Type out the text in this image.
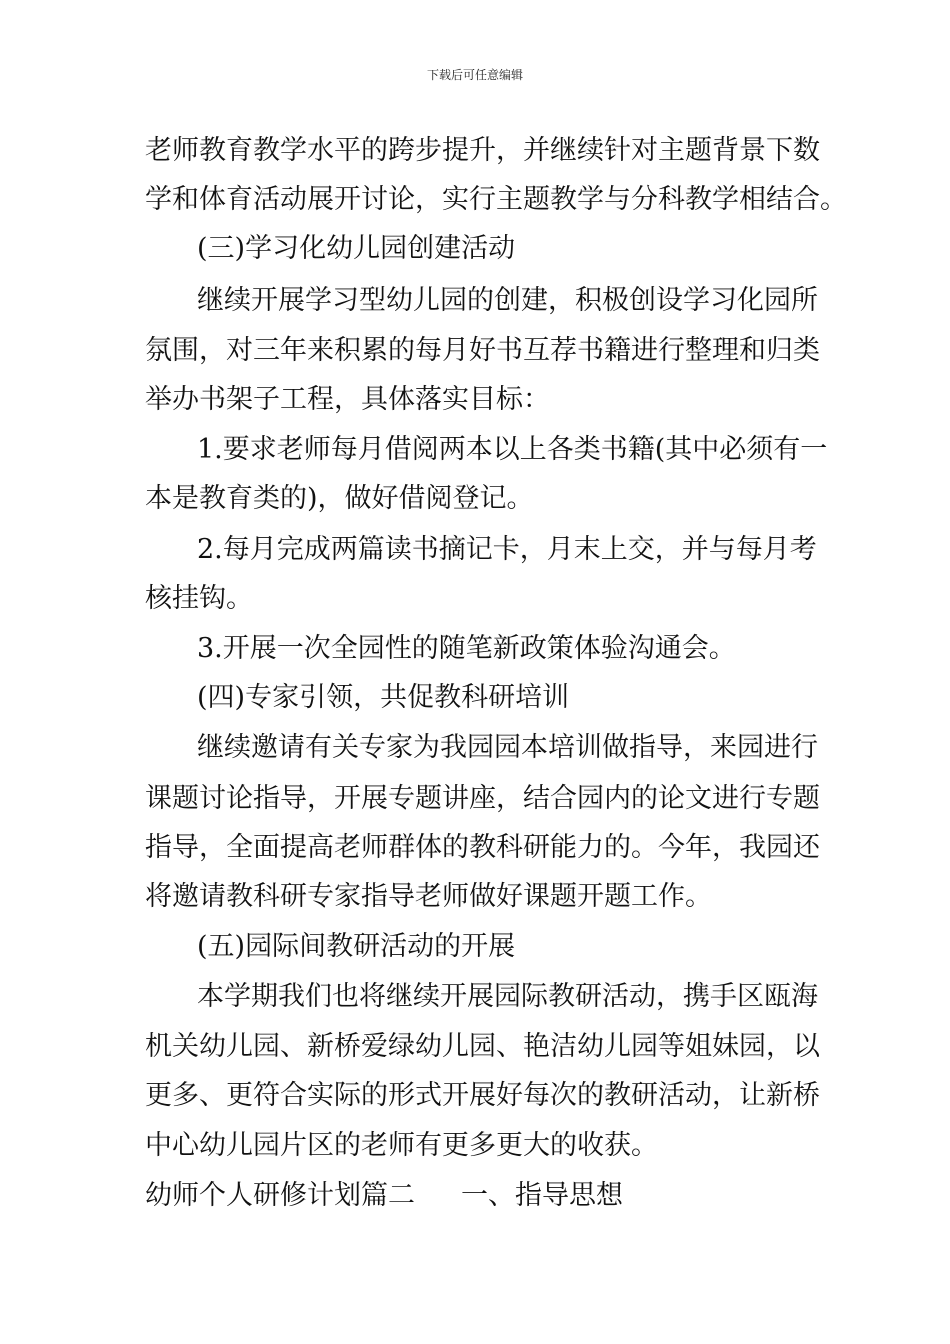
下载后可任意编辑
老师教育教学水平的跨步提升，并继续针对主题背景下数
学和体育活动展开讨论，实行主题教学与分科教学相结合。
(三)学习化幼儿园创建活动
继续开展学习型幼儿园的创建，积极创设学习化园所
氛围，对三年来积累的每月好书互荐书籍进行整理和归类
举办书架子工程，具体落实目标：
1.要求老师每月借阅两本以上各类书籍(其中必须有一
本是教育类的)，做好借阅登记。
2.每月完成两篇读书摘记卡，月末上交，并与每月考
核挂钩。
3.开展一次全园性的随笔新政策体验沟通会。
(四)专家引领，共促教科研培训
继续邀请有关专家为我园园本培训做指导，来园进行
课题讨论指导，开展专题讲座，结合园内的论文进行专题
指导，全面提高老师群体的教科研能力的。今年，我园还
将邀请教科研专家指导老师做好课题开题工作。
(五)园际间教研活动的开展
本学期我们也将继续开展园际教研活动，携手区瓯海
机关幼儿园、新桥爱绿幼儿园、艳洁幼儿园等姐妹园，以
更多、更符合实际的形式开展好每次的教研活动，让新桥
中心幼儿园片区的老师有更多更大的收获。
幼师个人研修计划篇二 一、指导思想
